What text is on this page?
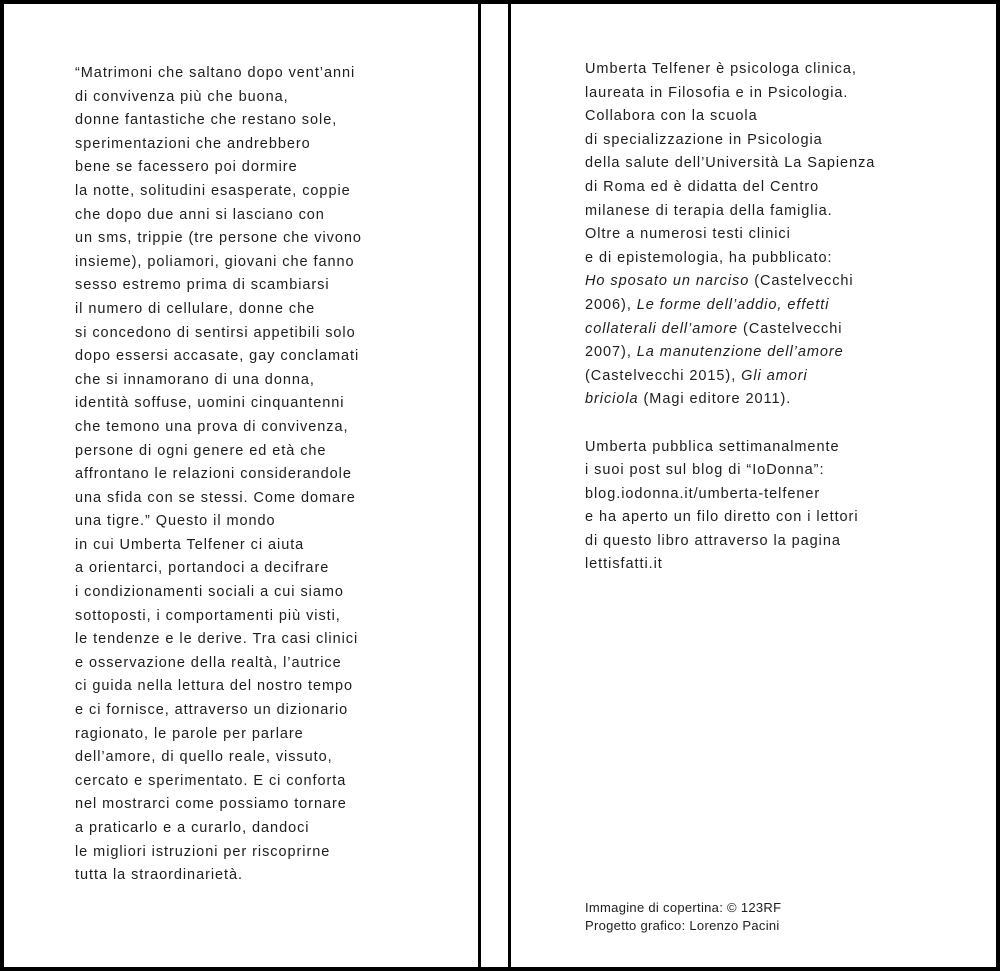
“Matrimoni che saltano dopo vent’anni
di convivenza più che buona,
donne fantastiche che restano sole,
sperimentazioni che andrebbero
bene se facessero poi dormire
la notte, solitudini esasperate, coppie
che dopo due anni si lasciano con
un sms, trippie (tre persone che vivono
insieme), poliamori, giovani che fanno
sesso estremo prima di scambiarsi
il numero di cellulare, donne che
si concedono di sentirsi appetibili solo
dopo essersi accasate, gay conclamati
che si innamorano di una donna,
identità soffuse, uomini cinquantenni
che temono una prova di convivenza,
persone di ogni genere ed età che
affrontano le relazioni considerandole
una sfida con se stessi. Come domare
una tigre.” Questo il mondo
in cui Umberta Telfener ci aiuta
a orientarci, portandoci a decifrare
i condizionamenti sociali a cui siamo
sottoposti, i comportamenti più visti,
le tendenze e le derive. Tra casi clinici
e osservazione della realtà, l’autrice
ci guida nella lettura del nostro tempo
e ci fornisce, attraverso un dizionario
ragionato, le parole per parlare
dell’amore, di quello reale, vissuto,
cercato e sperimentato. E ci conforta
nel mostrarci come possiamo tornare
a praticarlo e a curarlo, dandoci
le migliori istruzioni per riscoprirne
tutta la straordinarietà.
Umberta Telfener è psicologa clinica,
laureata in Filosofia e in Psicologia.
Collabora con la scuola
di specializzazione in Psicologia
della salute dell’Università La Sapienza
di Roma ed è didatta del Centro
milanese di terapia della famiglia.
Oltre a numerosi testi clinici
e di epistemologia, ha pubblicato:
Ho sposato un narciso (Castelvecchi
2006), Le forme dell’addio, effetti
collaterali dell’amore (Castelvecchi
2007), La manutenzione dell’amore
(Castelvecchi 2015), Gli amori
briciola (Magi editore 2011).
Umberta pubblica settimanalmente
i suoi post sul blog di “IoDonna”:
blog.iodonna.it/umberta-telfener
e ha aperto un filo diretto con i lettori
di questo libro attraverso la pagina
lettisfatti.it
Immagine di copertina: © 123RF
Progetto grafico: Lorenzo Pacini
